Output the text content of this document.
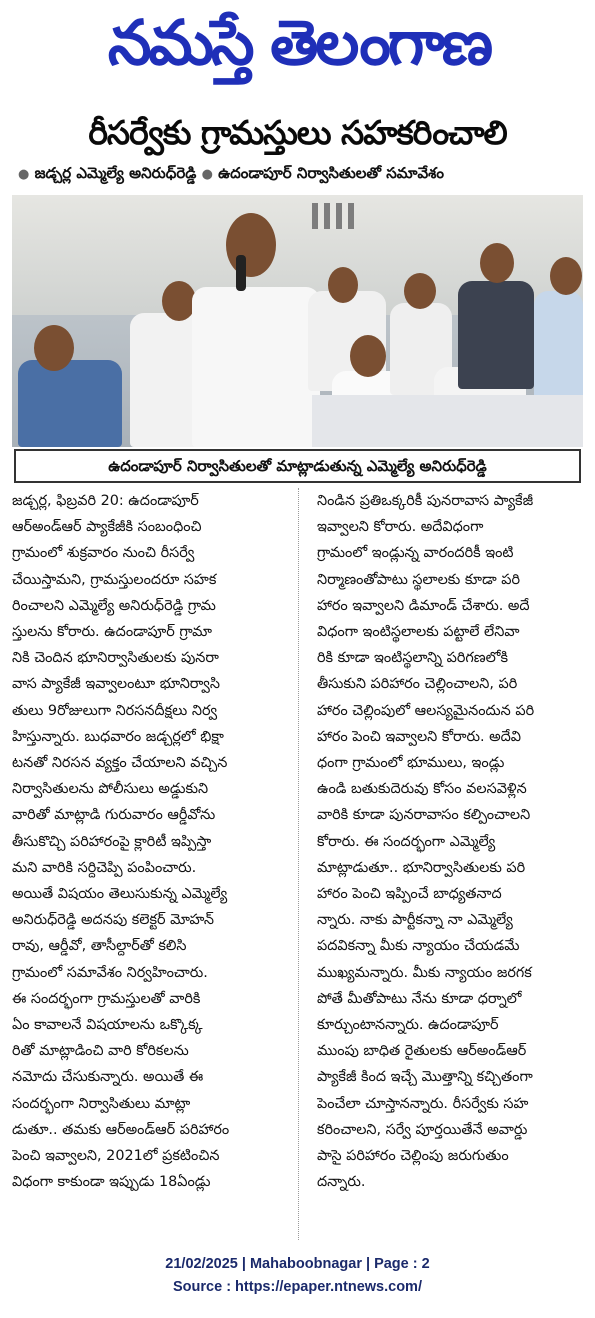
నమస్తే తెలంగాణ
రీసర్వేకు గ్రామస్తులు సహకరించాలి
● జడ్చర్ల ఎమ్మెల్యే అనిరుధ్‌రెడ్డి ● ఉదండాపూర్ నిర్వాసితులతో సమావేశం
ఉదండాపూర్ నిర్వాసితులతో మాట్లాడుతున్న ఎమ్మెల్యే అనిరుధ్‌రెడ్డి

జడ్చర్ల, ఫిబ్రవరి 20: ఉదండాపూర్

ఆర్‌అండ్‌ఆర్ ప్యాకేజీకి సంబంధించి

గ్రామంలో శుక్రవారం నుంచి రీసర్వే

చేయిస్తామని, గ్రామస్తులందరూ సహక

రించాలని ఎమ్మెల్యే అనిరుధ్‌రెడ్డి గ్రామ

స్తులను కోరారు. ఉదండాపూర్ గ్రామా

నికి చెందిన భూనిర్వాసితులకు పునరా

వాస ప్యాకేజీ ఇవ్వాలంటూ భూనిర్వాసి

తులు 9రోజులుగా నిరసనదీక్షలు నిర్వ

హిస్తున్నారు. బుధవారం జడ్చర్లలో భిక్షా

టనతో నిరసన వ్యక్తం చేయాలని వచ్చిన

నిర్వాసితులను పోలీసులు అడ్డుకుని

వారితో మాట్లాడి గురువారం ఆర్డీవోను

తీసుకొచ్చి పరిహారంపై క్లారిటీ ఇప్పిస్తా

మని వారికి సర్దిచెప్పి పంపించారు.

అయితే విషయం తెలుసుకున్న ఎమ్మెల్యే

అనిరుధ్‌రెడ్డి అదనపు కలెక్టర్ మోహన్

రావు, ఆర్డీవో, తాసీల్దార్‌తో కలిసి

గ్రామంలో సమావేశం నిర్వహించారు.

ఈ సందర్భంగా గ్రామస్తులతో వారికి

ఏం కావాలనే విషయాలను ఒక్కొక్క

రితో మాట్లాడించి వారి కోరికలను

నమోదు చేసుకున్నారు. అయితే ఈ

సందర్భంగా నిర్వాసితులు మాట్లా

డుతూ.. తమకు ఆర్‌అండ్‌ఆర్ పరిహారం

పెంచి ఇవ్వాలని, 2021లో ప్రకటించిన

విధంగా కాకుండా ఇప్పుడు 18ఏండ్లు

నిండిన ప్రతిఒక్కరికీ పునరావాస ప్యాకేజీ

ఇవ్వాలని కోరారు. అదేవిధంగా

గ్రామంలో ఇండ్లున్న వారందరికీ ఇంటి

నిర్మాణంతోపాటు స్థలాలకు కూడా పరి

హారం ఇవ్వాలని డిమాండ్ చేశారు. అదే

విధంగా ఇంటిస్థలాలకు పట్టాలే లేనివా

రికి కూడా ఇంటిస్థలాన్ని పరిగణలోకి

తీసుకుని పరిహారం చెల్లించాలని, పరి

హారం చెల్లింపులో ఆలస్యమైనందున పరి

హారం పెంచి ఇవ్వాలని కోరారు. అదేవి

ధంగా గ్రామంలో భూములు, ఇండ్లు

ఉండి బతుకుదెరువు కోసం వలసవెళ్లిన

వారికి కూడా పునరావాసం కల్పించాలని

కోరారు. ఈ సందర్భంగా ఎమ్మెల్యే

మాట్లాడుతూ.. భూనిర్వాసితులకు పరి

హారం పెంచి ఇప్పించే బాధ్యతనాద

న్నారు. నాకు పార్టీకన్నా నా ఎమ్మెల్యే

పదవికన్నా మీకు న్యాయం చేయడమే

ముఖ్యమన్నారు. మీకు న్యాయం జరగక

పోతే మీతోపాటు నేను కూడా ధర్నాలో

కూర్చుంటానన్నారు. ఉదండాపూర్

ముంపు బాధిత రైతులకు ఆర్‌అండ్‌ఆర్

ప్యాకేజీ కింద ఇచ్చే మొత్తాన్ని కచ్చితంగా

పెంచేలా చూస్తానన్నారు. రీసర్వేకు సహ

కరించాలని, సర్వే పూర్తయితేనే అవార్డు

పాసై పరిహారం చెల్లింపు జరుగుతుం

దన్నారు.

21/02/2025 | Mahaboobnagar | Page : 2
Source : https://epaper.ntnews.com/
